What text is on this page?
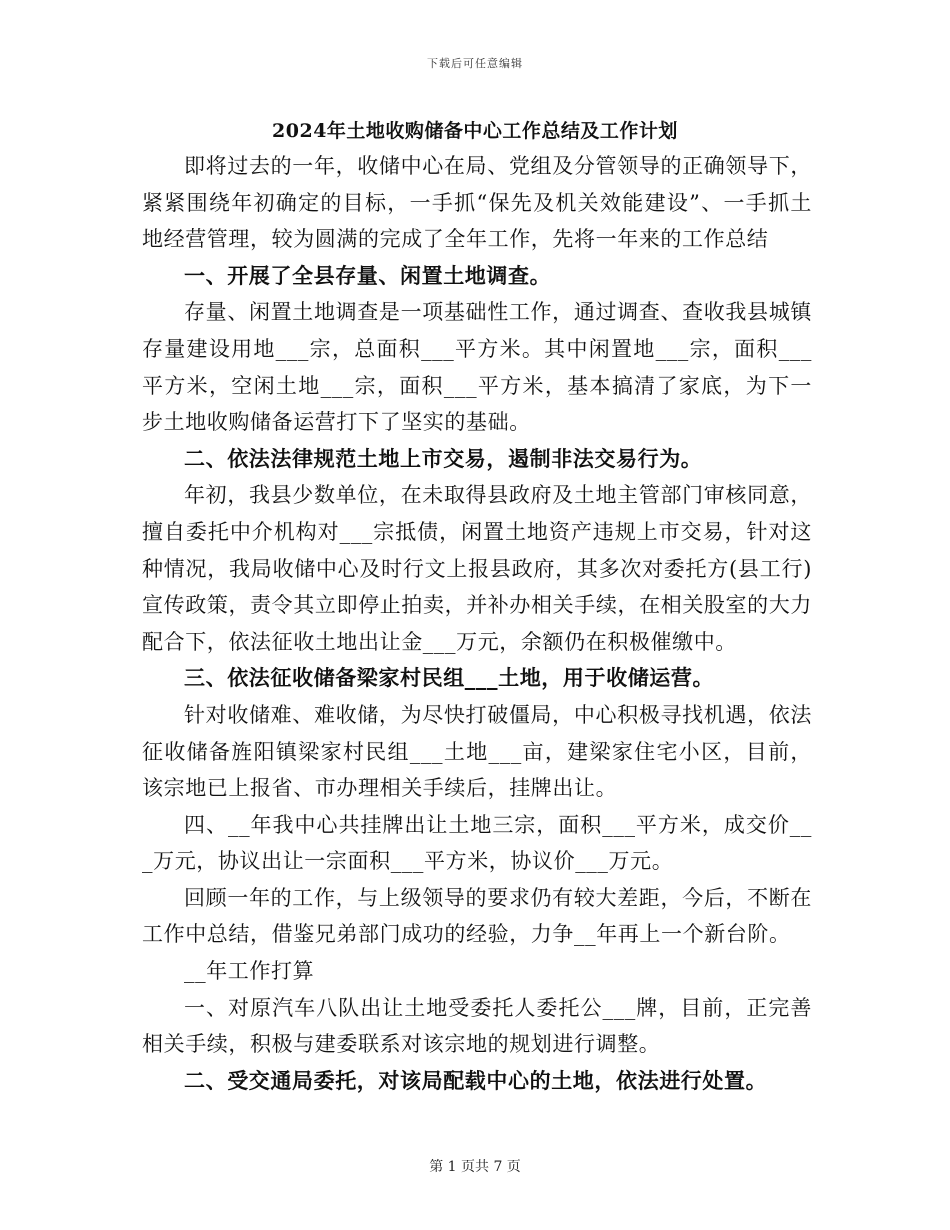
下载后可任意编辑
2024年土地收购储备中心工作总结及工作计划

即将过去的一年，收储中心在局、党组及分管领导的正确领导下，紧紧围绕年初确定的目标，一手抓“保先及机关效能建设”、一手抓土地经营管理，较为圆满的完成了全年工作，先将一年来的工作总结

一、开展了全县存量、闲置土地调查。

存量、闲置土地调查是一项基础性工作，通过调查、查收我县城镇存量建设用地___宗，总面积___平方米。其中闲置地___宗，面积___平方米，空闲土地___宗，面积___平方米，基本搞清了家底，为下一步土地收购储备运营打下了坚实的基础。

二、依法法律规范土地上市交易，遏制非法交易行为。

年初，我县少数单位，在未取得县政府及土地主管部门审核同意，擅自委托中介机构对___宗抵债，闲置土地资产违规上市交易，针对这种情况，我局收储中心及时行文上报县政府，其多次对委托方(县工行)宣传政策，责令其立即停止拍卖，并补办相关手续，在相关股室的大力配合下，依法征收土地出让金___万元，余额仍在积极催缴中。

三、依法征收储备梁家村民组___土地，用于收储运营。

针对收储难、难收储，为尽快打破僵局，中心积极寻找机遇，依法征收储备旌阳镇梁家村民组___土地___亩，建梁家住宅小区，目前，该宗地已上报省、市办理相关手续后，挂牌出让。

四、__年我中心共挂牌出让土地三宗，面积___平方米，成交价___万元，协议出让一宗面积___平方米，协议价___万元。

回顾一年的工作，与上级领导的要求仍有较大差距，今后，不断在工作中总结，借鉴兄弟部门成功的经验，力争__年再上一个新台阶。

__年工作打算

一、对原汽车八队出让土地受委托人委托公___牌，目前，正完善相关手续，积极与建委联系对该宗地的规划进行调整。

二、受交通局委托，对该局配载中心的土地，依法进行处置。

第 1 页共 7 页
